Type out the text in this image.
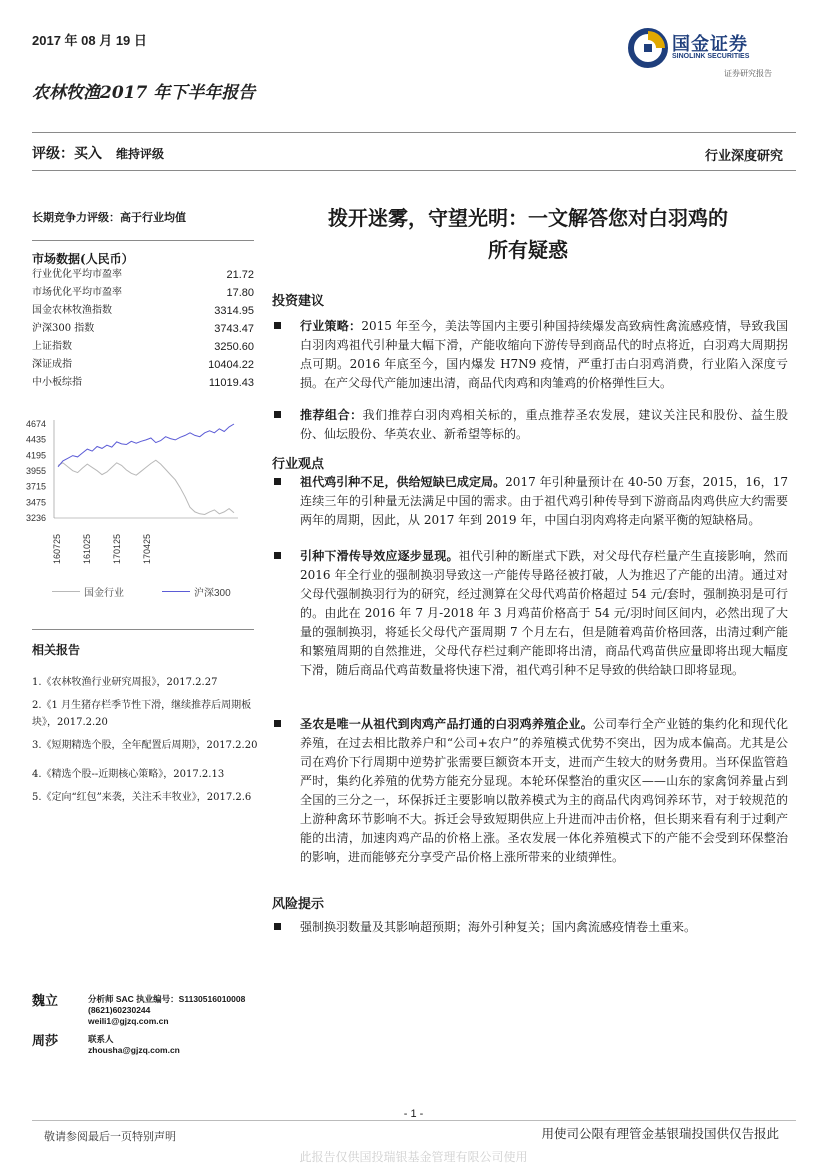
2017 年 08 月 19 日
农林牧渔2017 年下半年报告
国金证券
SINOLINK SECURITIES
证券研究报告
评级：买入 维持评级	行业深度研究
长期竞争力评级：高于行业均值
市场数据(人民币）
行业优化平均市盈率	21.72
市场优化平均市盈率	17.80
国金农林牧渔指数	3314.95
沪深300 指数	3743.47
上证指数	3250.60
深证成指	10404.22
中小板综指	11019.43
4674
4435
4195
3955
3715
3475
3236
160725 161025 170125 170425
国金行业	沪深300
相关报告
1.《农林牧渔行业研究周报》，2017.2.27
2.《1 月生猪存栏季节性下滑，继续推荐后周期板块》，2017.2.20
3.《短期精选个股，全年配置后周期》，2017.2.20
4.《精选个股--近期核心策略》，2017.2.13
5.《定向“红包”来袭，关注禾丰牧业》，2017.2.6
魏立	分析师 SAC 执业编号：S1130516010008
(8621)60230244
weili1@gjzq.com.cn
周莎	联系人
zhousha@gjzq.com.cn
拨开迷雾，守望光明：一文解答您对白羽鸡的
所有疑惑
投资建议
行业策略：2015 年至今，美法等国内主要引种国持续爆发高致病性禽流感疫情，导致我国白羽肉鸡祖代引种量大幅下滑，产能收缩向下游传导到商品代的时点将近，白羽鸡大周期拐点可期。2016 年底至今，国内爆发 H7N9 疫情，严重打击白羽鸡消费，行业陷入深度亏损。在产父母代产能加速出清，商品代肉鸡和肉雏鸡的价格弹性巨大。
推荐组合：我们推荐白羽肉鸡相关标的，重点推荐圣农发展，建议关注民和股份、益生股份、仙坛股份、华英农业、新希望等标的。
行业观点
祖代鸡引种不足，供给短缺已成定局。2017 年引种量预计在 40-50 万套，2015，16，17 连续三年的引种量无法满足中国的需求。由于祖代鸡引种传导到下游商品肉鸡供应大约需要两年的周期，因此，从 2017 年到 2019 年，中国白羽肉鸡将走向紧平衡的短缺格局。
引种下滑传导效应逐步显现。祖代引种的断崖式下跌，对父母代存栏量产生直接影响，然而 2016 年全行业的强制换羽导致这一产能传导路径被打破，人为推迟了产能的出清。通过对父母代强制换羽行为的研究，经过测算在父母代鸡苗价格超过 54 元/套时，强制换羽是可行的。由此在 2016 年 7 月-2018 年 3 月鸡苗价格高于 54 元/羽时间区间内，必然出现了大量的强制换羽，将延长父母代产蛋周期 7 个月左右，但是随着鸡苗价格回落，出清过剩产能和繁殖周期的自然推进，父母代存栏过剩产能即将出清，商品代鸡苗供应量即将出现大幅度下滑，随后商品代鸡苗数量将快速下滑，祖代鸡引种不足导致的供给缺口即将显现。
圣农是唯一从祖代到肉鸡产品打通的白羽鸡养殖企业。公司奉行全产业链的集约化和现代化养殖，在过去相比散养户和“公司+农户”的养殖模式优势不突出，因为成本偏高。尤其是公司在鸡价下行周期中逆势扩张需要巨额资本开支，进而产生较大的财务费用。当环保监管趋严时，集约化养殖的优势方能充分显现。本轮环保整治的重灾区——山东的家禽饲养量占到全国的三分之一，环保拆迁主要影响以散养模式为主的商品代肉鸡饲养环节，对于较规范的上游种禽环节影响不大。拆迁会导致短期供应上升进而冲击价格，但长期来看有利于过剩产能的出清，加速肉鸡产品的价格上涨。圣农发展一体化养殖模式下的产能不会受到环保整治的影响，进而能够充分享受产品价格上涨所带来的业绩弹性。
风险提示
强制换羽数量及其影响超预期；海外引种复关；国内禽流感疫情卷土重来。
- 1 -
敬请参阅最后一页特别声明	用使司公限有理管金基银瑞投国供仅告报此
此报告仅供国投瑞银基金管理有限公司使用
